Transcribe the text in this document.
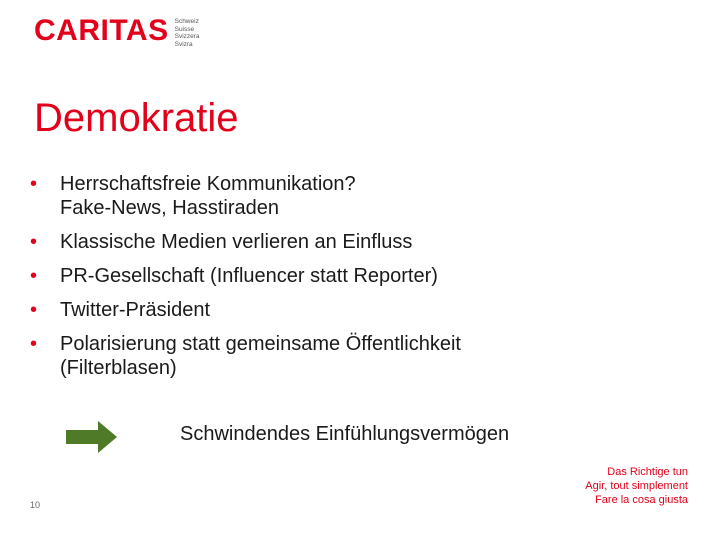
CARITAS Schweiz
Suisse
Svizzera
Svizra
Demokratie
•	Herrschaftsfreie Kommunikation?
Fake-News, Hasstiraden
•	Klassische Medien verlieren an Einfluss
•	PR-Gesellschaft (Influencer statt Reporter)
•	Twitter-Präsident
•	Polarisierung statt gemeinsame Öffentlichkeit
(Filterblasen)
Schwindendes Einfühlungsvermögen
10
Das Richtige tun
Agir, tout simplement
Fare la cosa giusta
